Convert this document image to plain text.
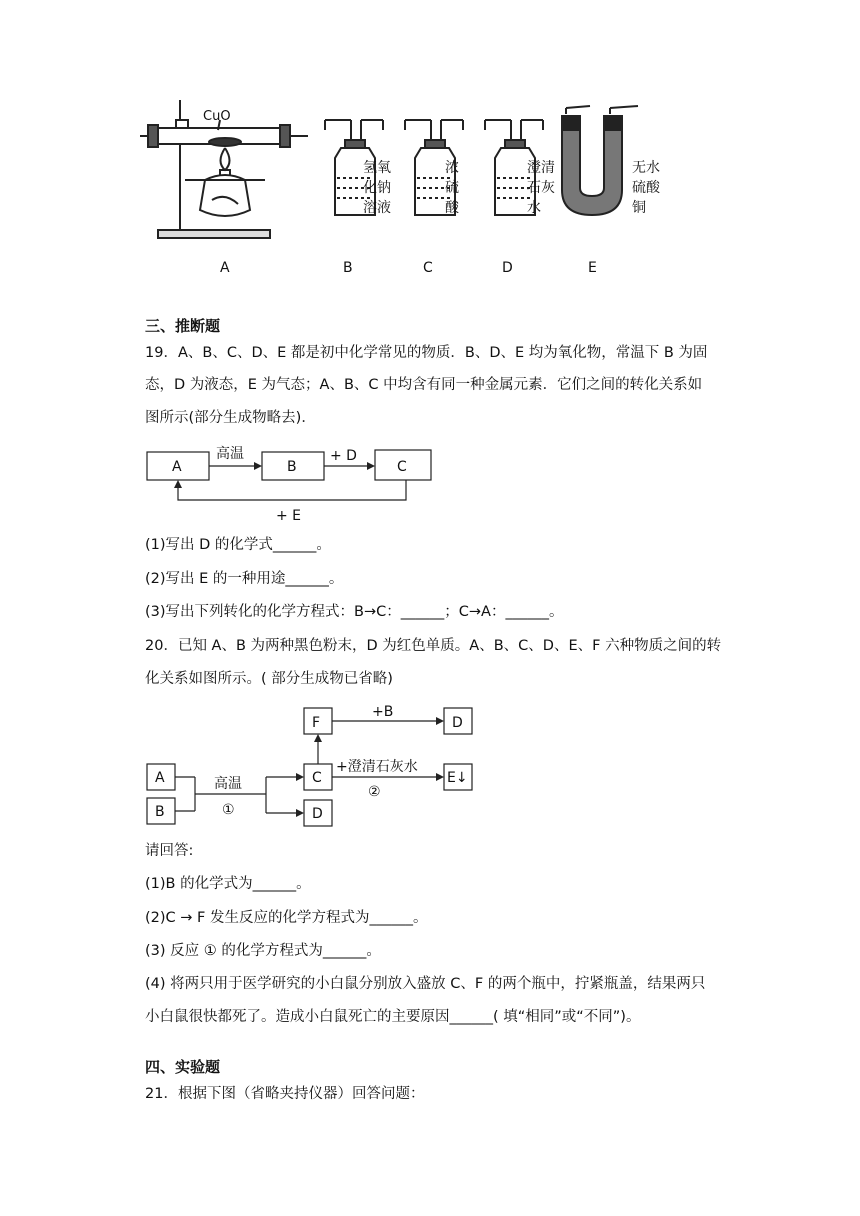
CuO
氢氧
化钠
溶液
浓
硫
酸
澄清
石灰
水
无水
硫酸
铜
A	B	C	D	E
三、推断题
19．A、B、C、D、E 都是初中化学常见的物质．B、D、E 均为氧化物，常温下 B 为固
态，D 为液态，E 为气态；A、B、C 中均含有同一种金属元素．它们之间的转化关系如
图所示(部分生成物略去)．
A	B	C
高温	+ D
+ E
(1)写出 D 的化学式______。
(2)写出 E 的一种用途______。
(3)写出下列转化的化学方程式：B→C：______；C→A：______。
20．已知 A、B 为两种黑色粉末，D 为红色单质。A、B、C、D、E、F 六种物质之间的转
化关系如图所示。( 部分生成物已省略)
F	D
A
B
C	E↓
D
+B
+澄清石灰水
②
高温
①
请回答:
(1)B 的化学式为______。
(2)C → F 发生反应的化学方程式为______。
(3) 反应 ① 的化学方程式为______。
(4) 将两只用于医学研究的小白鼠分别放入盛放 C、F 的两个瓶中，拧紧瓶盖，结果两只
小白鼠很快都死了。造成小白鼠死亡的主要原因______( 填“相同”或“不同”)。
四、实验题
21．根据下图（省略夹持仪器）回答问题：
